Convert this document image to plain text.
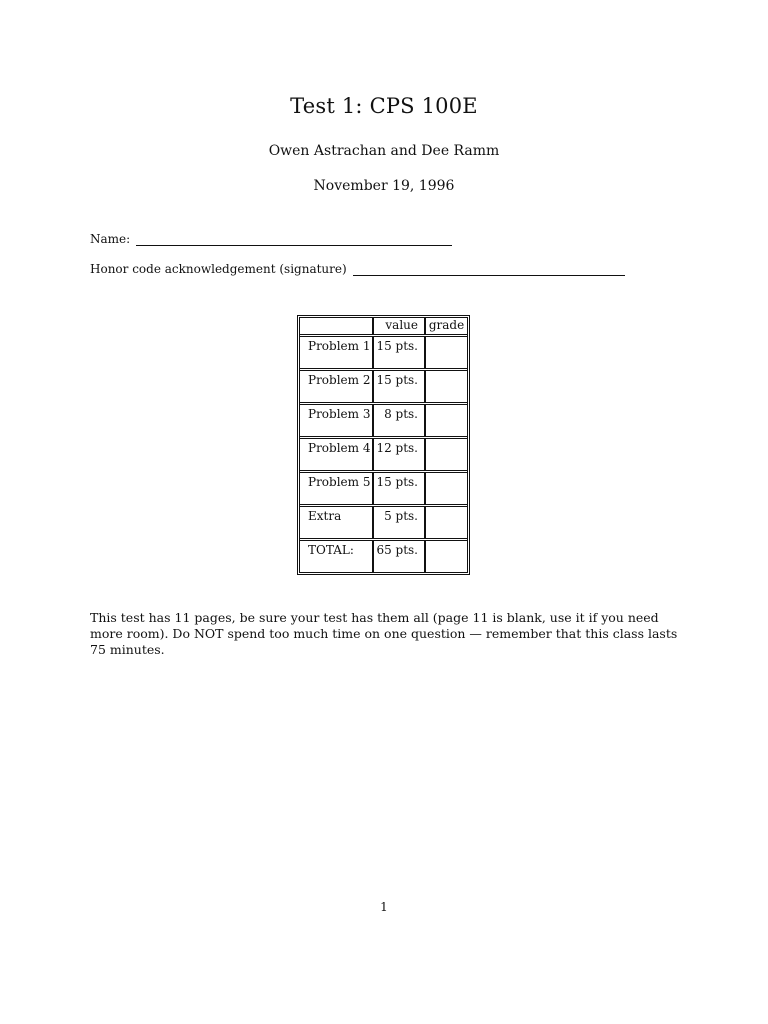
Test 1: CPS 100E
Owen Astrachan and Dee Ramm
November 19, 1996
Name:
Honor code acknowledgement (signature)

	value	grade

Problem 1	15 pts.	

Problem 2	15 pts.	

Problem 3	8 pts.	

Problem 4	12 pts.	

Problem 5	15 pts.	

Extra	5 pts.	

TOTAL:	65 pts.	

This test has 11 pages, be sure your test has them all (page 11 is blank, use it if you need more room). Do NOT spend too much time on one question — remember that this class lasts 75 minutes.
1
